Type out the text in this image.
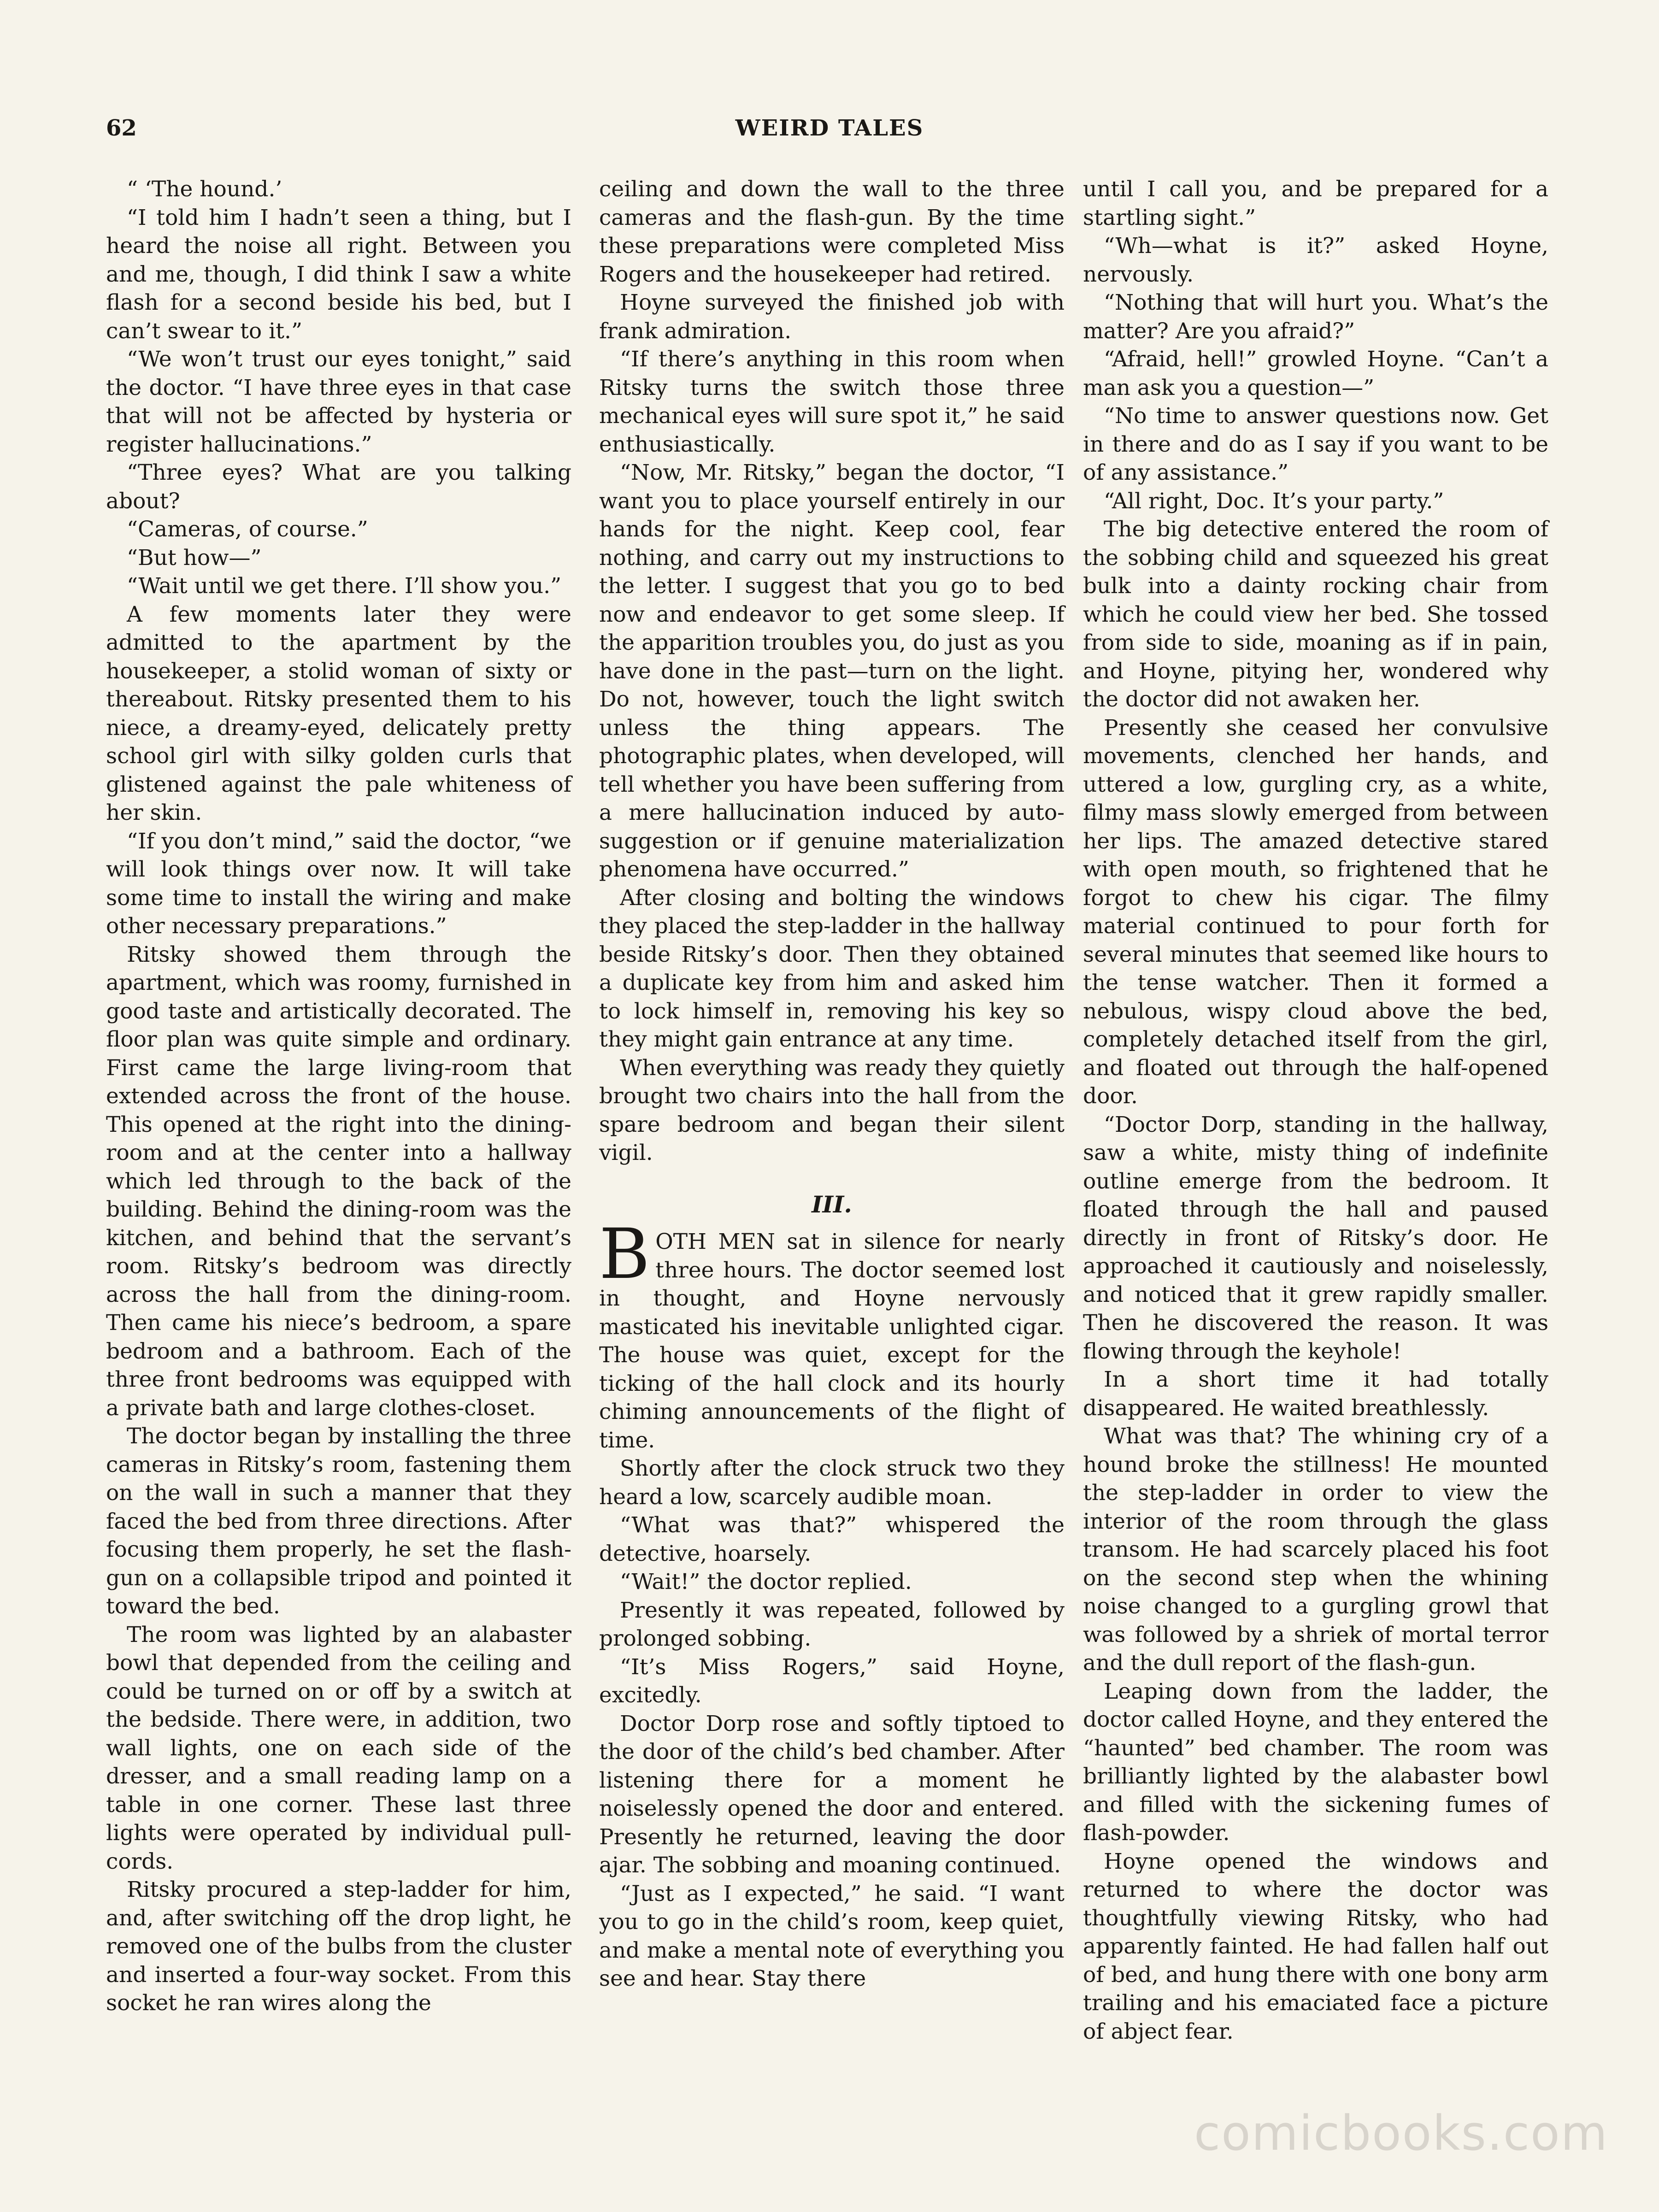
62	WEIRD TALES

“ ‘The hound.’

“I told him I hadn’t seen a thing, but I heard the noise all right. Between you and me, though, I did think I saw a white flash for a second beside his bed, but I can’t swear to it.”

“We won’t trust our eyes tonight,” said the doctor. “I have three eyes in that case that will not be affected by hysteria or register hallucinations.”

“Three eyes? What are you talking about?

“Cameras, of course.”

“But how—”

“Wait until we get there. I’ll show you.”

A few moments later they were admitted to the apartment by the housekeeper, a stolid woman of sixty or thereabout. Ritsky presented them to his niece, a dreamy-eyed, delicately pretty school girl with silky golden curls that glistened against the pale whiteness of her skin.

“If you don’t mind,” said the doctor, “we will look things over now. It will take some time to install the wiring and make other necessary preparations.”

Ritsky showed them through the apartment, which was roomy, furnished in good taste and artistically decorated. The floor plan was quite simple and ordinary. First came the large living-room that extended across the front of the house. This opened at the right into the dining-room and at the center into a hallway which led through to the back of the building. Behind the dining-room was the kitchen, and behind that the servant’s room. Ritsky’s bedroom was directly across the hall from the dining-room. Then came his niece’s bedroom, a spare bedroom and a bathroom. Each of the three front bedrooms was equipped with a private bath and large clothes-closet.

The doctor began by installing the three cameras in Ritsky’s room, fastening them on the wall in such a manner that they faced the bed from three directions. After focusing them properly, he set the flash-gun on a collapsible tripod and pointed it toward the bed.

The room was lighted by an alabaster bowl that depended from the ceiling and could be turned on or off by a switch at the bedside. There were, in addition, two wall lights, one on each side of the dresser, and a small reading lamp on a table in one corner. These last three lights were operated by individual pull-cords.

Ritsky procured a step-ladder for him, and, after switching off the drop light, he removed one of the bulbs from the cluster and inserted a four-way socket. From this socket he ran wires along the

ceiling and down the wall to the three cameras and the flash-gun. By the time these preparations were completed Miss Rogers and the housekeeper had retired.

Hoyne surveyed the finished job with frank admiration.

“If there’s anything in this room when Ritsky turns the switch those three mechanical eyes will sure spot it,” he said enthusiastically.

“Now, Mr. Ritsky,” began the doctor, “I want you to place yourself entirely in our hands for the night. Keep cool, fear nothing, and carry out my instructions to the letter. I suggest that you go to bed now and endeavor to get some sleep. If the apparition troubles you, do just as you have done in the past—turn on the light. Do not, however, touch the light switch unless the thing appears. The photographic plates, when developed, will tell whether you have been suffering from a mere hallucination induced by auto-suggestion or if genuine materialization phenomena have occurred.”

After closing and bolting the windows they placed the step-ladder in the hallway beside Ritsky’s door. Then they obtained a duplicate key from him and asked him to lock himself in, removing his key so they might gain entrance at any time.

When everything was ready they quietly brought two chairs into the hall from the spare bedroom and began their silent vigil.

III.

BOTH MEN sat in silence for nearly three hours. The doctor seemed lost in thought, and Hoyne nervously masticated his inevitable unlighted cigar. The house was quiet, except for the ticking of the hall clock and its hourly chiming announcements of the flight of time.

Shortly after the clock struck two they heard a low, scarcely audible moan.

“What was that?” whispered the detective, hoarsely.

“Wait!” the doctor replied.

Presently it was repeated, followed by prolonged sobbing.

“It’s Miss Rogers,” said Hoyne, excitedly.

Doctor Dorp rose and softly tiptoed to the door of the child’s bed chamber. After listening there for a moment he noiselessly opened the door and entered. Presently he returned, leaving the door ajar. The sobbing and moaning continued.

“Just as I expected,” he said. “I want you to go in the child’s room, keep quiet, and make a mental note of everything you see and hear. Stay there

until I call you, and be prepared for a startling sight.”

“Wh—what is it?” asked Hoyne, nervously.

“Nothing that will hurt you. What’s the matter? Are you afraid?”

“Afraid, hell!” growled Hoyne. “Can’t a man ask you a question—”

“No time to answer questions now. Get in there and do as I say if you want to be of any assistance.”

“All right, Doc. It’s your party.”

The big detective entered the room of the sobbing child and squeezed his great bulk into a dainty rocking chair from which he could view her bed. She tossed from side to side, moaning as if in pain, and Hoyne, pitying her, wondered why the doctor did not awaken her.

Presently she ceased her convulsive movements, clenched her hands, and uttered a low, gurgling cry, as a white, filmy mass slowly emerged from between her lips. The amazed detective stared with open mouth, so frightened that he forgot to chew his cigar. The filmy material continued to pour forth for several minutes that seemed like hours to the tense watcher. Then it formed a nebulous, wispy cloud above the bed, completely detached itself from the girl, and floated out through the half-opened door.

“Doctor Dorp, standing in the hallway, saw a white, misty thing of indefinite outline emerge from the bedroom. It floated through the hall and paused directly in front of Ritsky’s door. He approached it cautiously and noiselessly, and noticed that it grew rapidly smaller. Then he discovered the reason. It was flowing through the keyhole!

In a short time it had totally disappeared. He waited breathlessly.

What was that? The whining cry of a hound broke the stillness! He mounted the step-ladder in order to view the interior of the room through the glass transom. He had scarcely placed his foot on the second step when the whining noise changed to a gurgling growl that was followed by a shriek of mortal terror and the dull report of the flash-gun.

Leaping down from the ladder, the doctor called Hoyne, and they entered the “haunted” bed chamber. The room was brilliantly lighted by the alabaster bowl and filled with the sickening fumes of flash-powder.

Hoyne opened the windows and returned to where the doctor was thoughtfully viewing Ritsky, who had apparently fainted. He had fallen half out of bed, and hung there with one bony arm trailing and his emaciated face a picture of abject fear.

comicbooks.com
